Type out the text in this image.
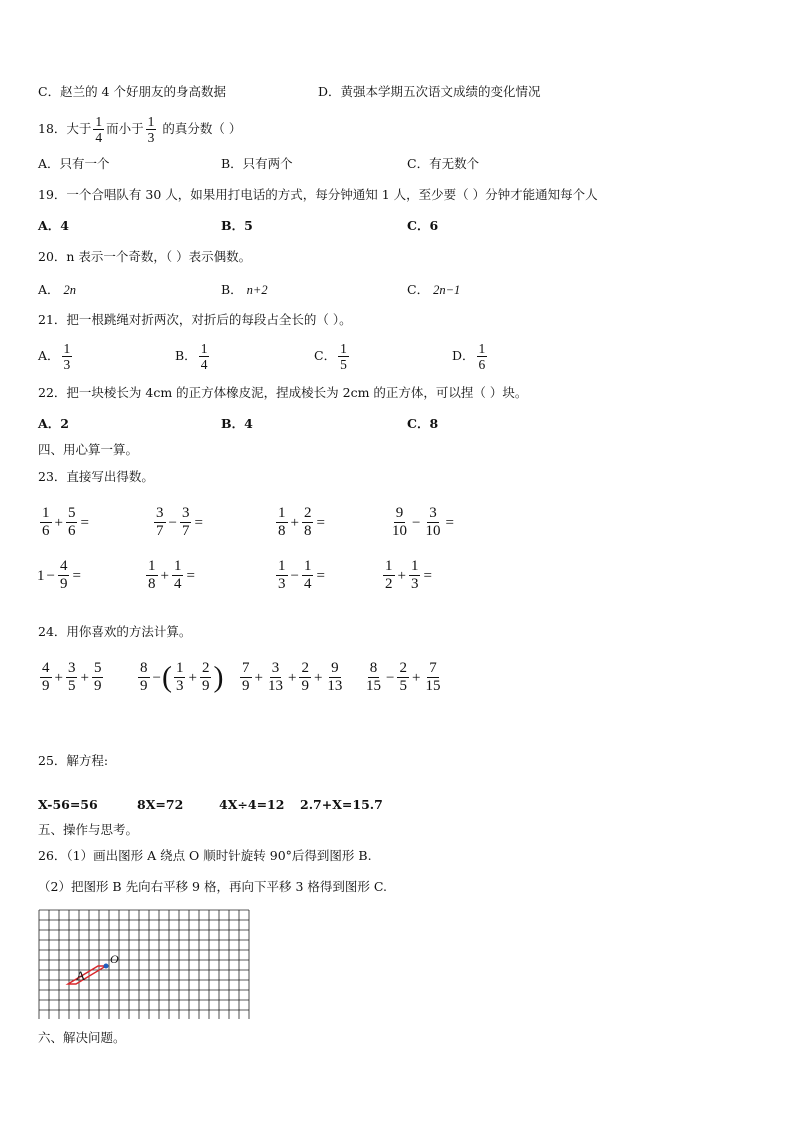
C．赵兰的 4 个好朋友的身高数据	D．黄强本学期五次语文成绩的变化情况
18．大于 $\frac{1}{4}$ 而小于 $\frac{1}{3}$ 的真分数（ ）
A．只有一个	B．只有两个	C．有无数个
19．一个合唱队有 30 人，如果用打电话的方式，每分钟通知 1 人，至少要（ ）分钟才能通知每个人
A．4	B．5	C．6
20．n 表示一个奇数，（ ）表示偶数。
A． 2n	B． n+2	C． 2n−1
21．把一根跳绳对折两次，对折后的每段占全长的（ ）。
A． $\frac{1}{3}$	B． $\frac{1}{4}$	C． $\frac{1}{5}$	D． $\frac{1}{6}$
22．把一块棱长为 4cm 的正方体橡皮泥，捏成棱长为 2cm 的正方体，可以捏（ ）块。
A．2	B．4	C．8
四、用心算一算。
23．直接写出得数。
$\frac{1}{6} + \frac{5}{6}$ =	$\frac{3}{7} - \frac{3}{7}$ =	$\frac{1}{8} + \frac{2}{8}$ =	$\frac{9}{10} - \frac{3}{10}$ =
$1 - \frac{4}{9}$ =	$\frac{1}{8} + \frac{1}{4}$ =	$\frac{1}{3} - \frac{1}{4}$ =	$\frac{1}{2} + \frac{1}{3}$ =
24．用你喜欢的方法计算。
$\frac{4}{9} + \frac{3}{5} + \frac{5}{9} \frac{8}{9}$ −( $\frac{1}{3} + \frac{2}{9}$ ) $\frac{7}{9} + \frac{3}{13} + \frac{2}{9} + \frac{9}{13} \frac{8}{15} - \frac{2}{5} + \frac{7}{15}$
25．解方程:
X-56=56	8X=72	4X÷4=12 2.7+X=15.7
五、操作与思考。
26．（1）画出图形 A 绕点 O 顺时针旋转 90°后得到图形 B.
（2）把图形 B 先向右平移 9 格，再向下平移 3 格得到图形 C.
A
O
六、解决问题。
